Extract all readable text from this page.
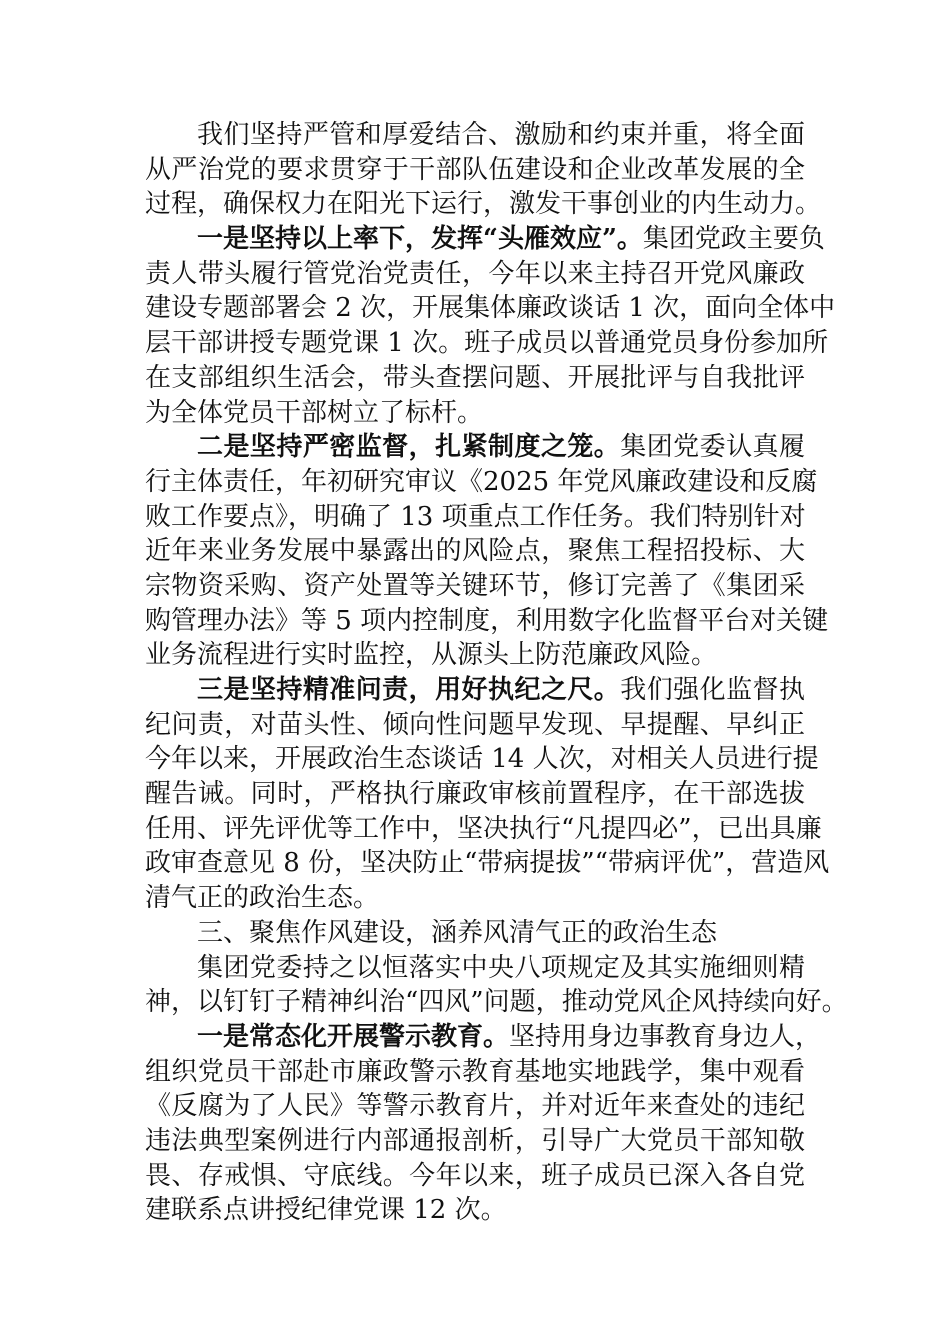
我们坚持严管和厚爱结合、激励和约束并重，将全面
从严治党的要求贯穿于干部队伍建设和企业改革发展的全
过程，确保权力在阳光下运行，激发干事创业的内生动力。
一是坚持以上率下，发挥“头雁效应”。集团党政主要负
责人带头履行管党治党责任，今年以来主持召开党风廉政
建设专题部署会 2 次，开展集体廉政谈话 1 次，面向全体中
层干部讲授专题党课 1 次。班子成员以普通党员身份参加所
在支部组织生活会，带头查摆问题、开展批评与自我批评
为全体党员干部树立了标杆。
二是坚持严密监督，扎紧制度之笼。集团党委认真履
行主体责任，年初研究审议《2025 年党风廉政建设和反腐
败工作要点》，明确了 13 项重点工作任务。我们特别针对
近年来业务发展中暴露出的风险点，聚焦工程招投标、大
宗物资采购、资产处置等关键环节，修订完善了《集团采
购管理办法》等 5 项内控制度，利用数字化监督平台对关键
业务流程进行实时监控，从源头上防范廉政风险。
三是坚持精准问责，用好执纪之尺。我们强化监督执
纪问责，对苗头性、倾向性问题早发现、早提醒、早纠正
今年以来，开展政治生态谈话 14 人次，对相关人员进行提
醒告诫。同时，严格执行廉政审核前置程序，在干部选拔
任用、评先评优等工作中，坚决执行“凡提四必”，已出具廉
政审查意见 8 份，坚决防止“带病提拔”“带病评优”，营造风
清气正的政治生态。
三、聚焦作风建设，涵养风清气正的政治生态
集团党委持之以恒落实中央八项规定及其实施细则精
神，以钉钉子精神纠治“四风”问题，推动党风企风持续向好。
一是常态化开展警示教育。坚持用身边事教育身边人，
组织党员干部赴市廉政警示教育基地实地践学，集中观看
《反腐为了人民》等警示教育片，并对近年来查处的违纪
违法典型案例进行内部通报剖析，引导广大党员干部知敬
畏、存戒惧、守底线。今年以来，班子成员已深入各自党
建联系点讲授纪律党课 12 次。
